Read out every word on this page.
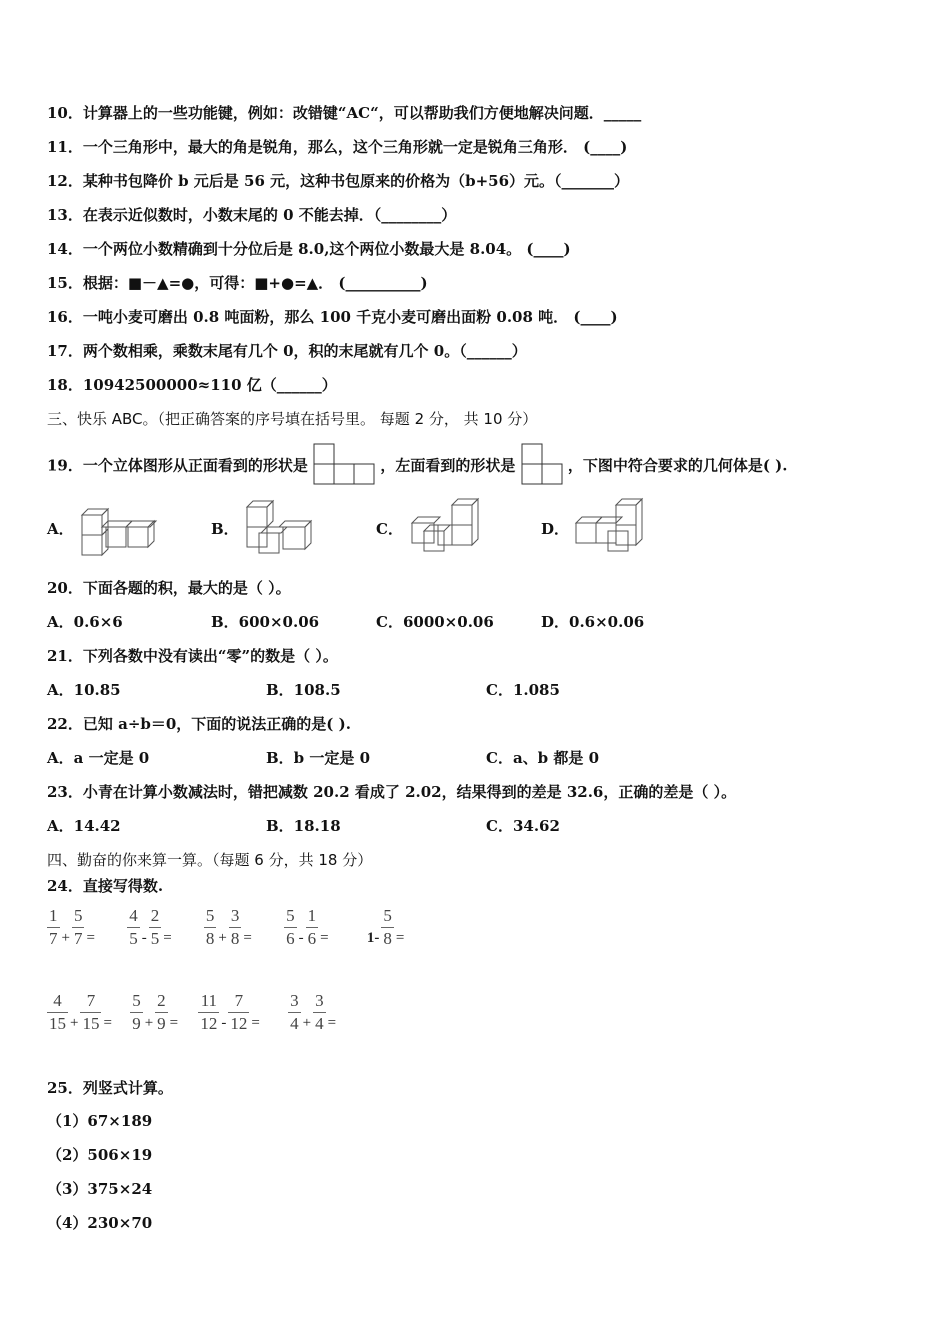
10．计算器上的一些功能键，例如：改错键“AC“，可以帮助我们方便地解决问题．_____
11．一个三角形中，最大的角是锐角，那么，这个三角形就一定是锐角三角形． (____)
12．某种书包降价 b 元后是 56 元，这种书包原来的价格为（b+56）元。（_______）
13．在表示近似数时，小数末尾的 0 不能去掉．（________）
14．一个两位小数精确到十分位后是 8.0,这个两位小数最大是 8.04。 (____)
15．根据：■－▲=●，可得：■+●=▲． (__________)
16．一吨小麦可磨出 0.8 吨面粉，那么 100 千克小麦可磨出面粉 0.08 吨． (____)
17．两个数相乘，乘数末尾有几个 0，积的末尾就有几个 0。（______）
18．10942500000≈110 亿（______）
三、快乐 ABC。（把正确答案的序号填在括号里。 每题 2 分， 共 10 分）
19．一个立体图形从正面看到的形状是	，左面看到的形状是	，下图中符合要求的几何体是( ).
A．	B．	C．	D．
20．下面各题的积，最大的是（ ）。
A．0.6×6	B．600×0.06	C．6000×0.06	D．0.6×0.06
21．下列各数中没有读出“零”的数是（ ）。
A．10.85	B．108.5	C．1.085
22．已知 a÷b＝0，下面的说法正确的是( ).
A．a 一定是 0	B．b 一定是 0	C．a、b 都是 0
23．小青在计算小数减法时，错把减数 20.2 看成了 2.02，结果得到的差是 32.6，正确的差是（ ）。
A．14.42	B．18.18	C．34.62
四、勤奋的你来算一算。（每题 6 分，共 18 分）
24．直接写得数.
$\frac{1}{7} + \frac{5}{7} = \frac{4}{5} - \frac{2}{5} = \frac{5}{8} + \frac{3}{8} = \frac{5}{6} - \frac{1}{6}$ =	$1- \frac{5}{8}$ =
$\frac{4}{15} + \frac{7}{15} = \frac{5}{9} + \frac{2}{9} = \frac{11}{12} - \frac{7}{12} = \frac{3}{4} + \frac{3}{4}$ =
25．列竖式计算。
（1）67×189
（2）506×19
（3）375×24
（4）230×70
